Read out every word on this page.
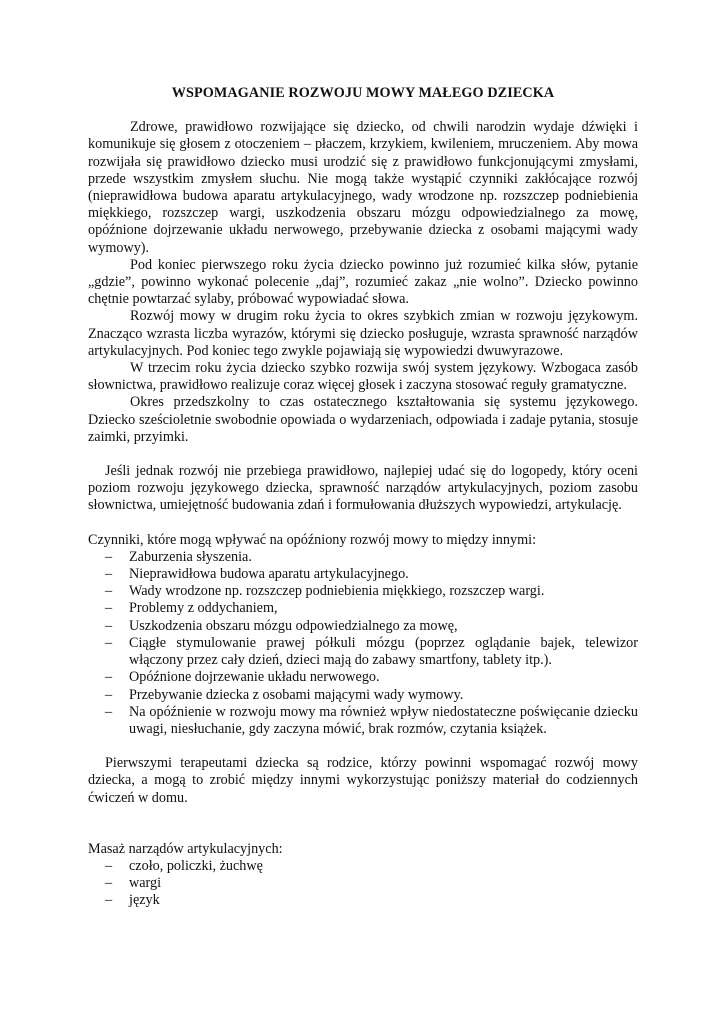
WSPOMAGANIE ROZWOJU MOWY MAŁEGO DZIECKA

Zdrowe, prawidłowo rozwijające się dziecko, od chwili narodzin wydaje dźwięki i komunikuje się głosem z otoczeniem – płaczem, krzykiem, kwileniem, mruczeniem. Aby mowa rozwijała się prawidłowo dziecko musi urodzić się z prawidłowo funkcjonującymi zmysłami, przede wszystkim zmysłem słuchu. Nie mogą także wystąpić czynniki zakłócające rozwój (nieprawidłowa budowa aparatu artykulacyjnego, wady wrodzone np. rozszczep podniebienia miękkiego, rozszczep wargi, uszkodzenia obszaru mózgu odpowiedzialnego za mowę, opóźnione dojrzewanie układu nerwowego, przebywanie dziecka z osobami mającymi wady wymowy).

Pod koniec pierwszego roku życia dziecko powinno już rozumieć kilka słów, pytanie „gdzie”, powinno wykonać polecenie „daj”, rozumieć zakaz „nie wolno”. Dziecko powinno chętnie powtarzać sylaby, próbować wypowiadać słowa.

Rozwój mowy w drugim roku życia to okres szybkich zmian w rozwoju językowym. Znacząco wzrasta liczba wyrazów, którymi się dziecko posługuje, wzrasta sprawność narządów artykulacyjnych. Pod koniec tego zwykle pojawiają się wypowiedzi dwuwyrazowe.

W trzecim roku życia dziecko szybko rozwija swój system językowy. Wzbogaca zasób słownictwa, prawidłowo realizuje coraz więcej głosek i zaczyna stosować reguły gramatyczne.

Okres przedszkolny to czas ostatecznego kształtowania się systemu językowego. Dziecko sześcioletnie swobodnie opowiada o wydarzeniach, odpowiada i zadaje pytania, stosuje zaimki, przyimki.

Jeśli jednak rozwój nie przebiega prawidłowo, najlepiej udać się do logopedy, który oceni poziom rozwoju językowego dziecka, sprawność narządów artykulacyjnych, poziom zasobu słownictwa, umiejętność budowania zdań i formułowania dłuższych wypowiedzi, artykulację.

Czynniki, które mogą wpływać na opóźniony rozwój mowy to między innymi:

– Zaburzenia słyszenia.
– Nieprawidłowa budowa aparatu artykulacyjnego.
– Wady wrodzone np. rozszczep podniebienia miękkiego, rozszczep wargi.
– Problemy z oddychaniem,
– Uszkodzenia obszaru mózgu odpowiedzialnego za mowę,
– Ciągłe stymulowanie prawej półkuli mózgu (poprzez oglądanie bajek, telewizor włączony przez cały dzień, dzieci mają do zabawy smartfony, tablety itp.).
– Opóźnione dojrzewanie układu nerwowego.
– Przebywanie dziecka z osobami mającymi wady wymowy.
– Na opóźnienie w rozwoju mowy ma również wpływ niedostateczne poświęcanie dziecku uwagi, niesłuchanie, gdy zaczyna mówić, brak rozmów, czytania książek.

Pierwszymi terapeutami dziecka są rodzice, którzy powinni wspomagać rozwój mowy dziecka, a mogą to zrobić między innymi wykorzystując poniższy materiał do codziennych ćwiczeń w domu.

Masaż narządów artykulacyjnych:

– czoło, policzki, żuchwę
– wargi
– język
